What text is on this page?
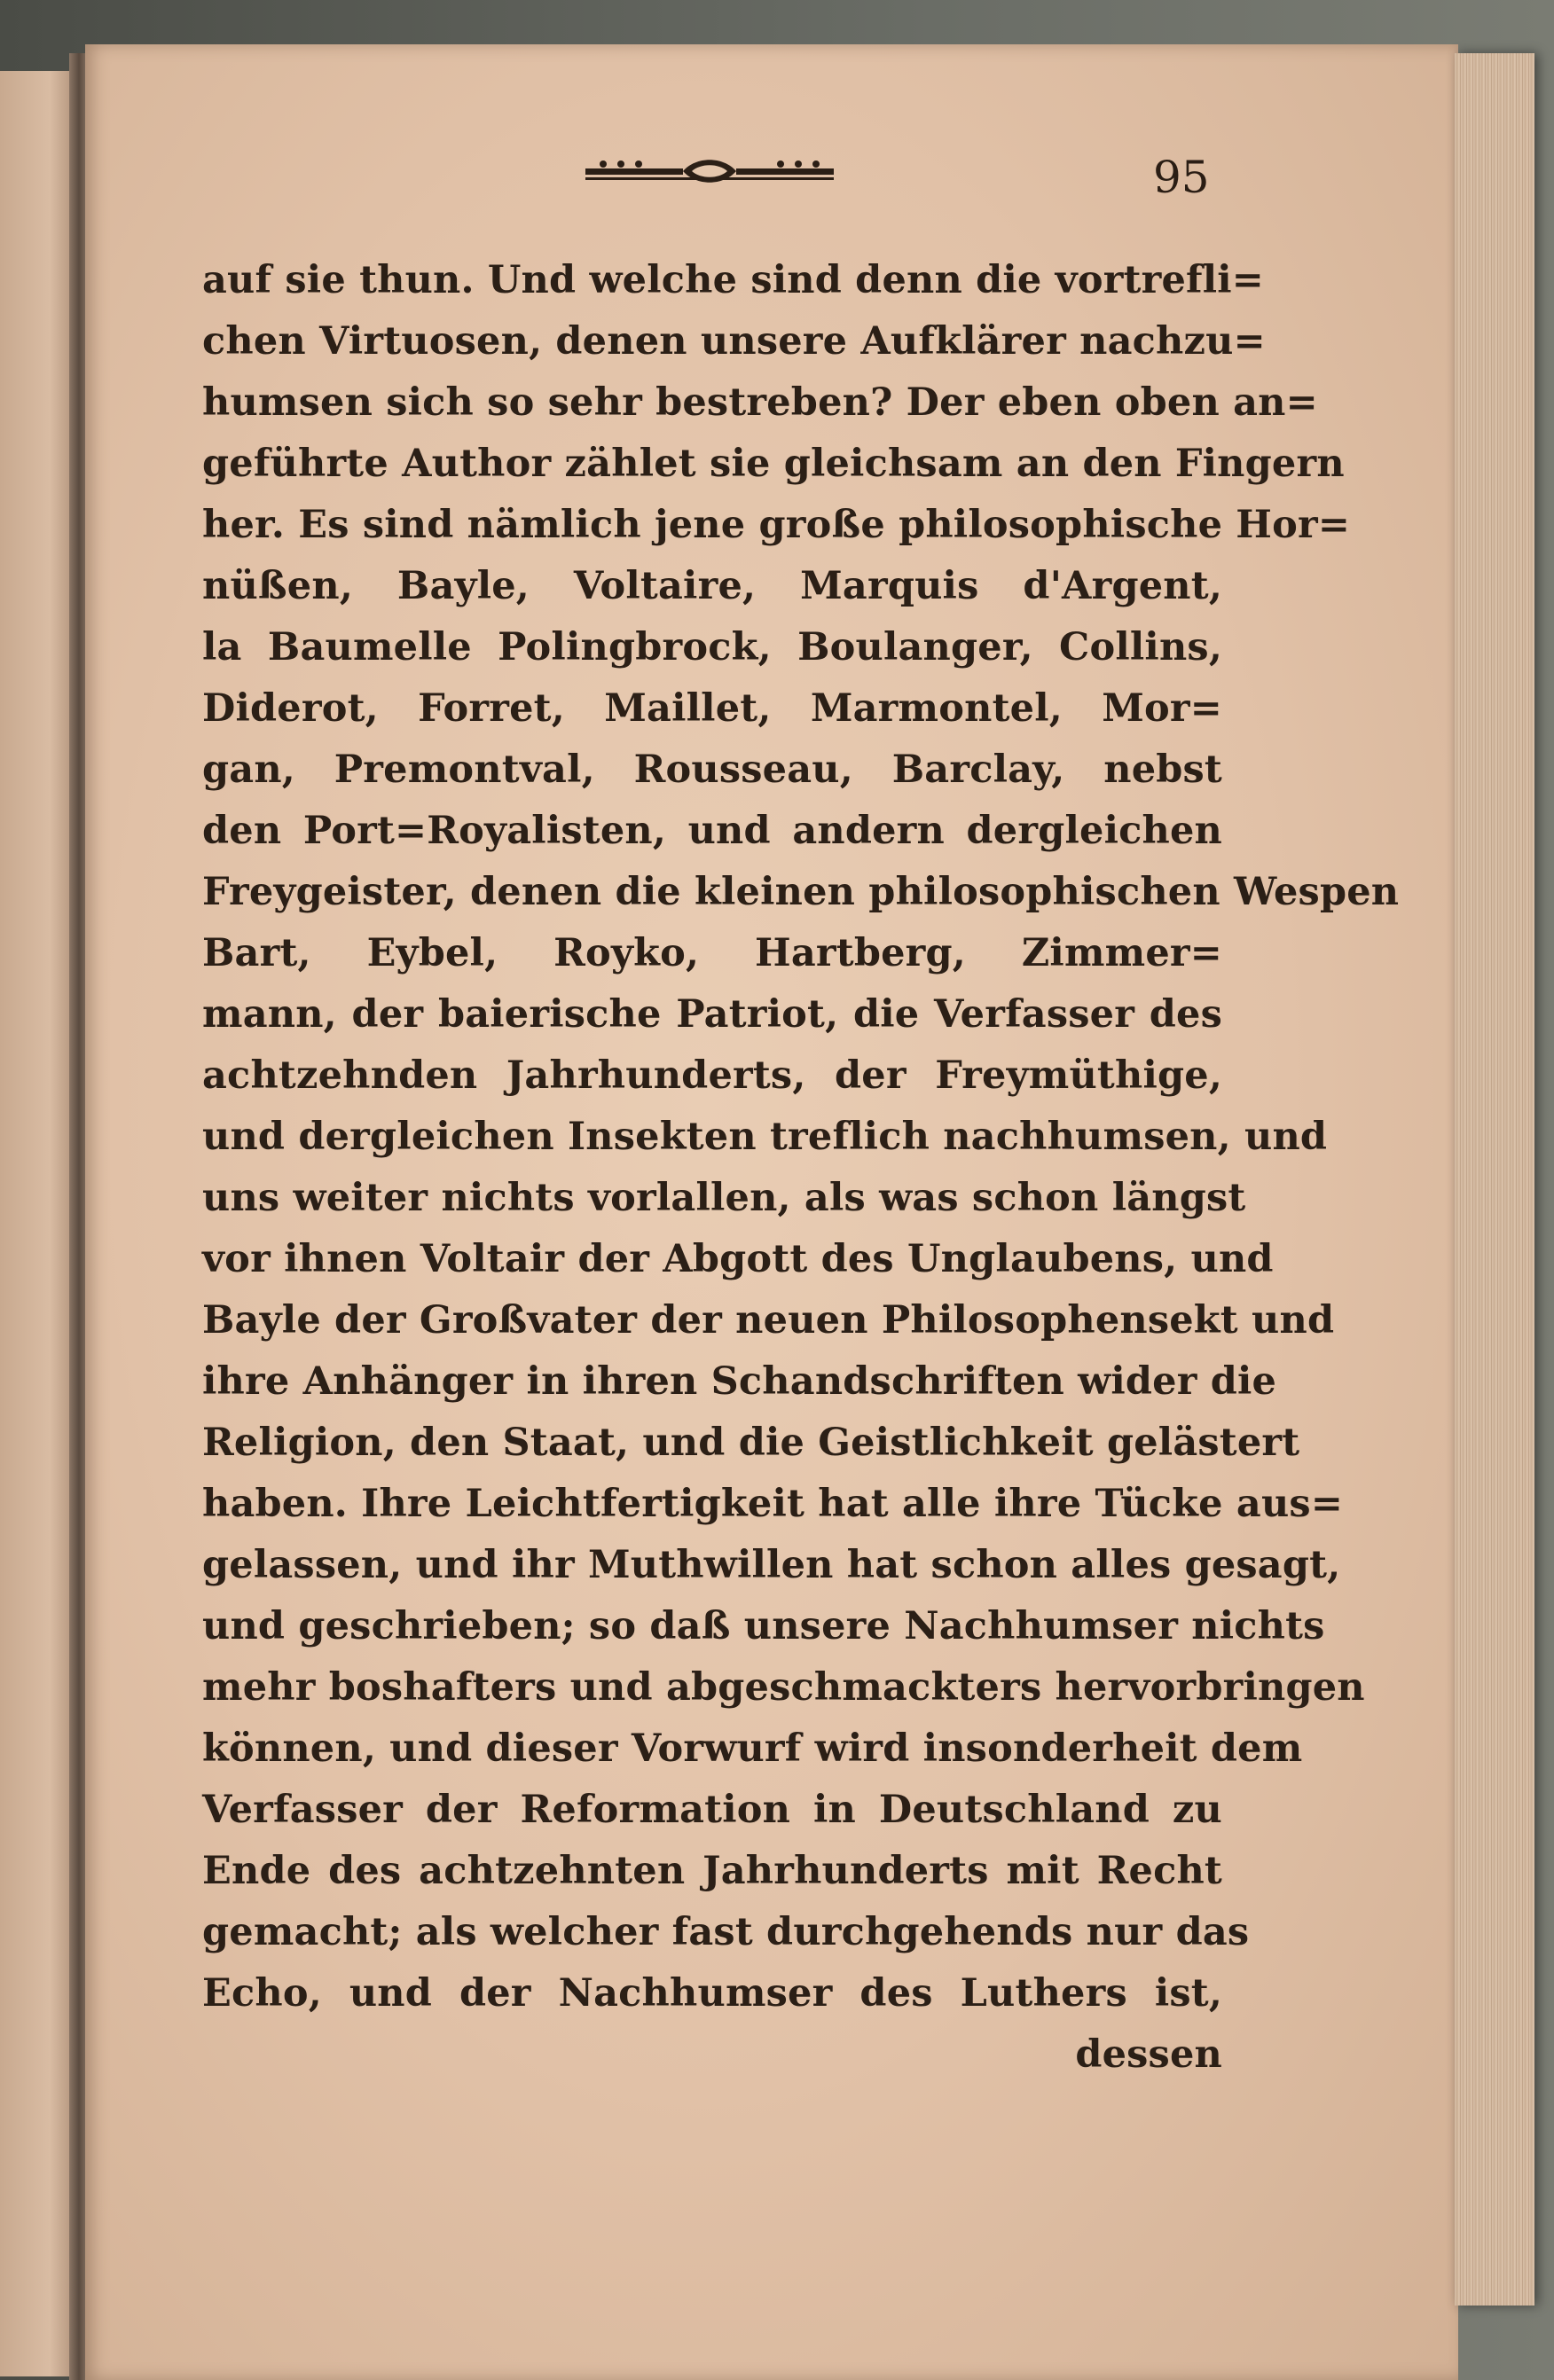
95
auf sie thun. Und welche sind denn die vortrefli=
chen Virtuosen, denen unsere Aufklärer nachzu=
humsen sich so sehr bestreben? Der eben oben an=
geführte Author zählet sie gleichsam an den Fingern
her. Es sind nämlich jene große philosophische Hor=
nüßen, Bayle, Voltaire, Marquis d'Argent,
la Baumelle Polingbrock, Boulanger, Collins,
Diderot, Forret, Maillet, Marmontel, Mor=
gan, Premontval, Rousseau, Barclay, nebst
den Port=Royalisten, und andern dergleichen
Freygeister, denen die kleinen philosophischen Wespen
Bart, Eybel, Royko, Hartberg, Zimmer=
mann, der baierische Patriot, die Verfasser des
achtzehnden Jahrhunderts, der Freymüthige,
und dergleichen Insekten treflich nachhumsen, und
uns weiter nichts vorlallen, als was schon längst
vor ihnen Voltair der Abgott des Unglaubens, und
Bayle der Großvater der neuen Philosophensekt und
ihre Anhänger in ihren Schandschriften wider die
Religion, den Staat, und die Geistlichkeit gelästert
haben. Ihre Leichtfertigkeit hat alle ihre Tücke aus=
gelassen, und ihr Muthwillen hat schon alles gesagt,
und geschrieben; so daß unsere Nachhumser nichts
mehr boshafters und abgeschmackters hervorbringen
können, und dieser Vorwurf wird insonderheit dem
Verfasser der Reformation in Deutschland zu
Ende des achtzehnten Jahrhunderts mit Recht
gemacht; als welcher fast durchgehends nur das
Echo, und der Nachhumser des Luthers ist,
dessen
